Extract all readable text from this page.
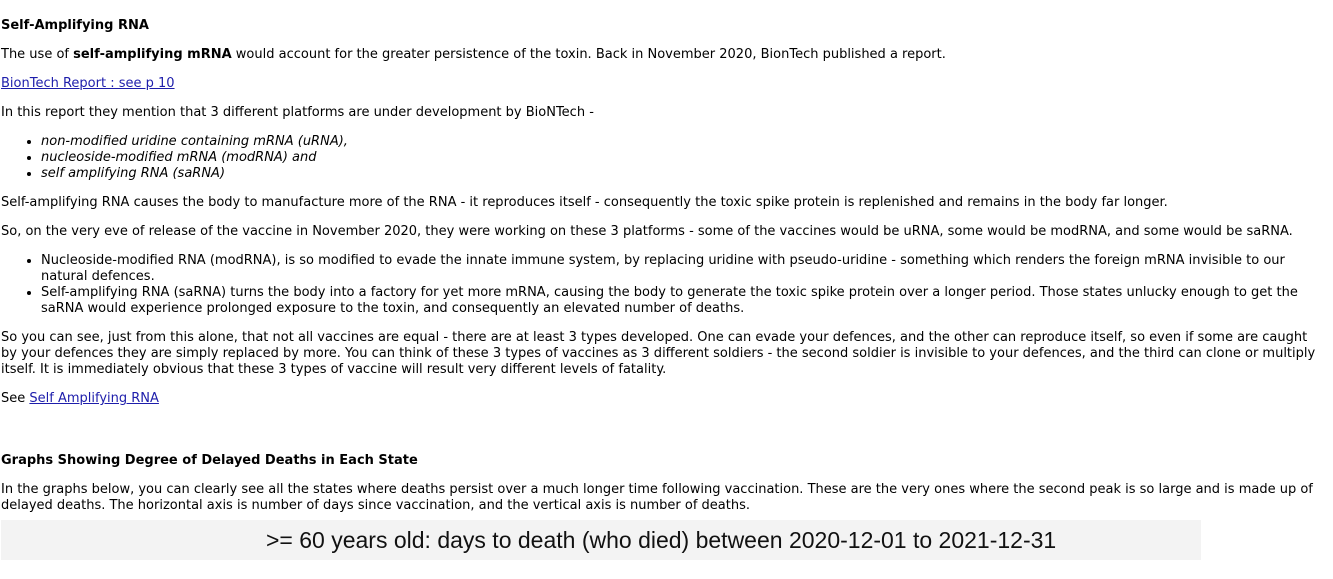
Self-Amplifying RNA

The use of self-amplifying mRNA would account for the greater persistence of the toxin. Back in November 2020, BionTech published a report.

BionTech Report : see p 10

In this report they mention that 3 different platforms are under development by BioNTech -

• non-modified uridine containing mRNA (uRNA),
• nucleoside-modified mRNA (modRNA) and
• self amplifying RNA (saRNA)

Self-amplifying RNA causes the body to manufacture more of the RNA - it reproduces itself - consequently the toxic spike protein is replenished and remains in the body far longer.

So, on the very eve of release of the vaccine in November 2020, they were working on these 3 platforms - some of the vaccines would be uRNA, some would be modRNA, and some would be saRNA.

• Nucleoside-modified RNA (modRNA), is so modified to evade the innate immune system, by replacing uridine with pseudo-uridine - something which renders the foreign mRNA invisible to our natural defences.
• Self-amplifying RNA (saRNA) turns the body into a factory for yet more mRNA, causing the body to generate the toxic spike protein over a longer period. Those states unlucky enough to get the saRNA would experience prolonged exposure to the toxin, and consequently an elevated number of deaths.

So you can see, just from this alone, that not all vaccines are equal - there are at least 3 types developed. One can evade your defences, and the other can reproduce itself, so even if some are caught by your defences they are simply replaced by more. You can think of these 3 types of vaccines as 3 different soldiers - the second soldier is invisible to your defences, and the third can clone or multiply itself. It is immediately obvious that these 3 types of vaccine will result very different levels of fatality.

See Self Amplifying RNA

Graphs Showing Degree of Delayed Deaths in Each State

In the graphs below, you can clearly see all the states where deaths persist over a much longer time following vaccination. These are the very ones where the second peak is so large and is made up of delayed deaths. The horizontal axis is number of days since vaccination, and the vertical axis is number of deaths.

>= 60 years old: days to death (who died) between 2020-12-01 to 2021-12-31
